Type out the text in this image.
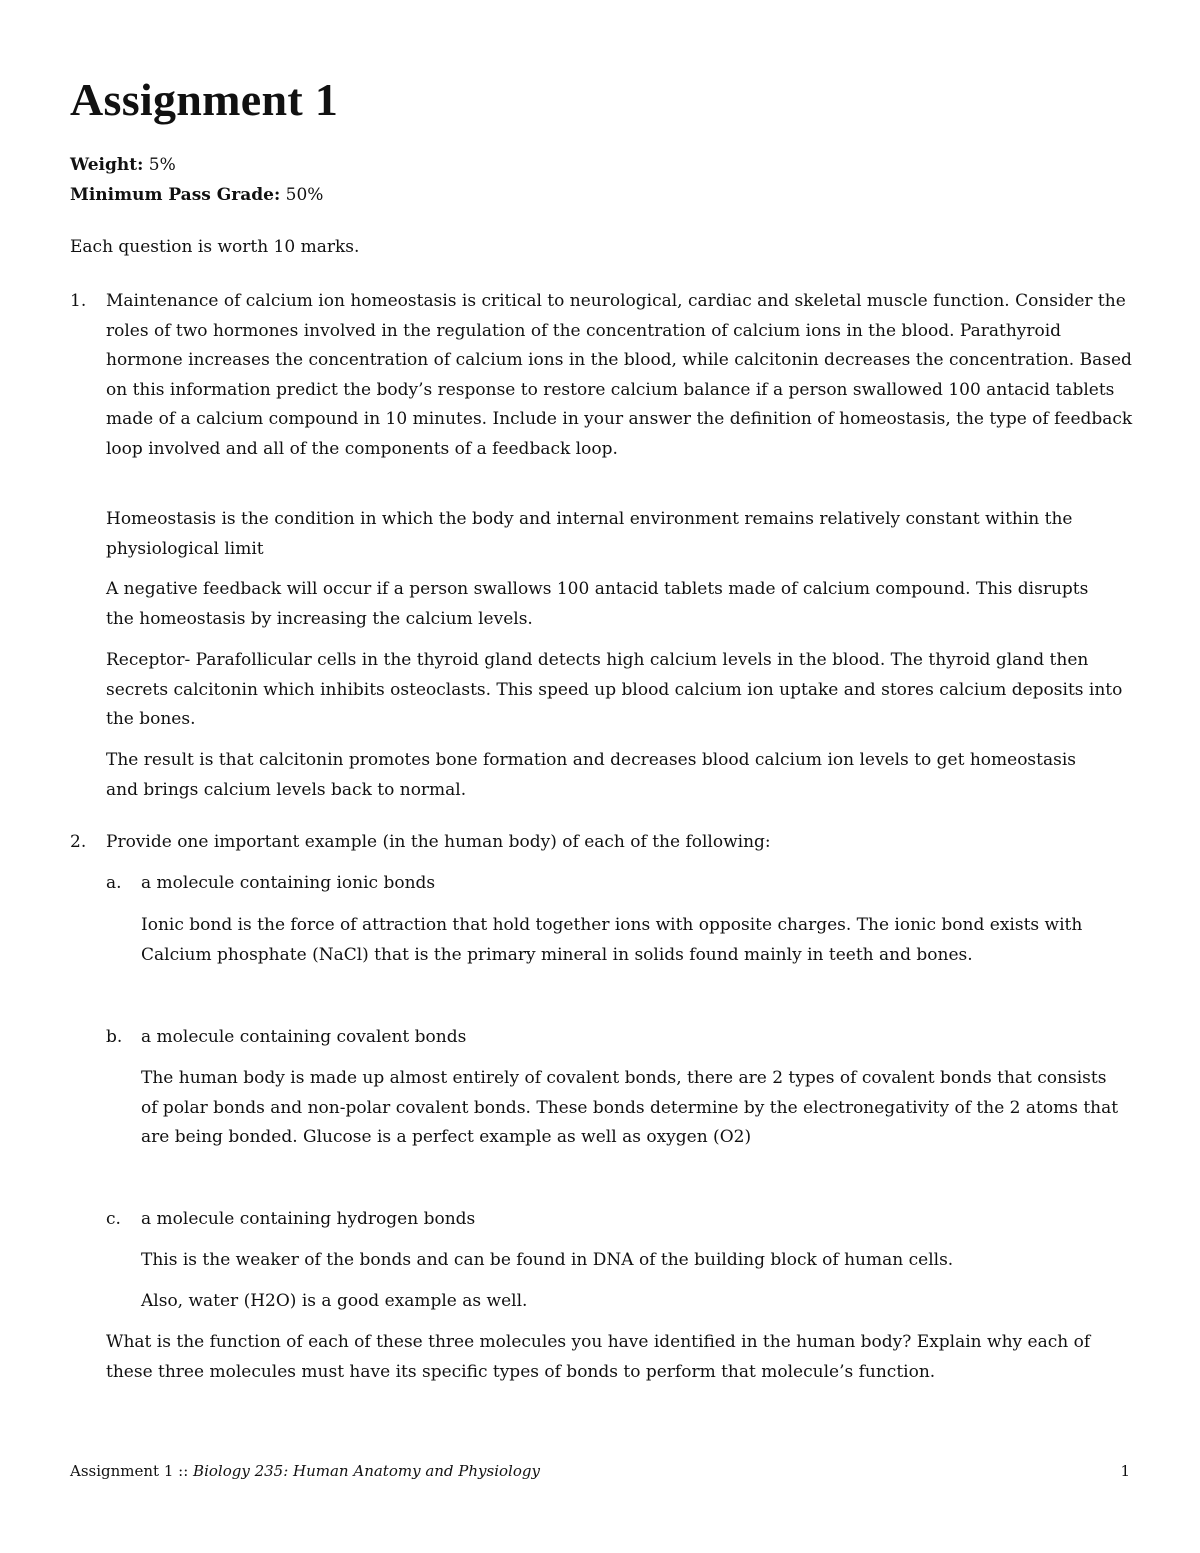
Assignment 1
Weight: 5%
Minimum Pass Grade: 50%

Each question is worth 10 marks.

1. Maintenance of calcium ion homeostasis is critical to neurological, cardiac and skeletal muscle function. Consider the roles of two hormones involved in the regulation of the concentration of calcium ions in the blood. Parathyroid hormone increases the concentration of calcium ions in the blood, while calcitonin decreases the concentration. Based on this information predict the body’s response to restore calcium balance if a person swallowed 100 antacid tablets made of a calcium compound in 10 minutes. Include in your answer the definition of homeostasis, the type of feedback loop involved and all of the components of a feedback loop.

Homeostasis is the condition in which the body and internal environment remains relatively constant within the physiological limit

A negative feedback will occur if a person swallows 100 antacid tablets made of calcium compound. This disrupts the homeostasis by increasing the calcium levels.

Receptor- Parafollicular cells in the thyroid gland detects high calcium levels in the blood. The thyroid gland then secrets calcitonin which inhibits osteoclasts. This speed up blood calcium ion uptake and stores calcium deposits into the bones.

The result is that calcitonin promotes bone formation and decreases blood calcium ion levels to get homeostasis and brings calcium levels back to normal.

2. Provide one important example (in the human body) of each of the following:

a. a molecule containing ionic bonds

Ionic bond is the force of attraction that hold together ions with opposite charges. The ionic bond exists with Calcium phosphate (NaCl) that is the primary mineral in solids found mainly in teeth and bones.

b. a molecule containing covalent bonds

The human body is made up almost entirely of covalent bonds, there are 2 types of covalent bonds that consists of polar bonds and non-polar covalent bonds. These bonds determine by the electronegativity of the 2 atoms that are being bonded. Glucose is a perfect example as well as oxygen (O2)

c. a molecule containing hydrogen bonds

This is the weaker of the bonds and can be found in DNA of the building block of human cells.

Also, water (H2O) is a good example as well.

What is the function of each of these three molecules you have identified in the human body? Explain why each of these three molecules must have its specific types of bonds to perform that molecule’s function.

Assignment 1 :: Biology 235: Human Anatomy and Physiology	1
